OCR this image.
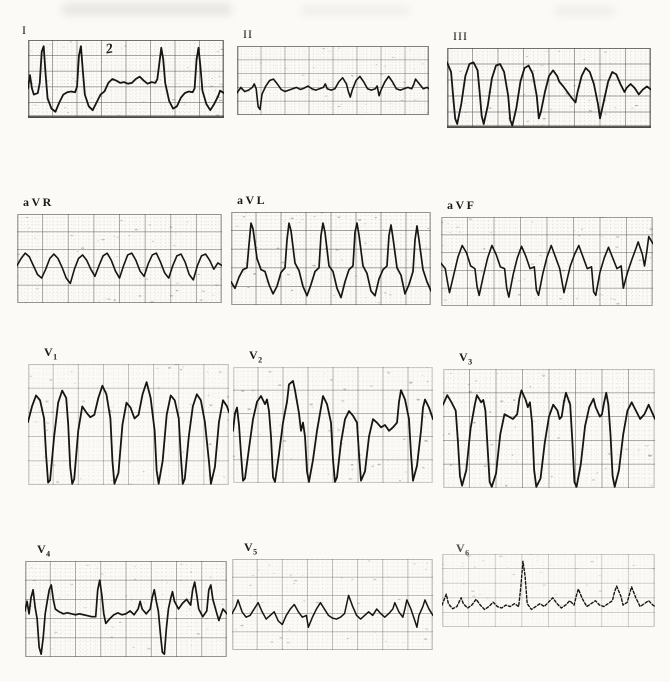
I	II	III
aVR	aVL	aVF
$V_1$	$V_2$	$V_3$
$V_4$	$V_5$	$V_6$
2
